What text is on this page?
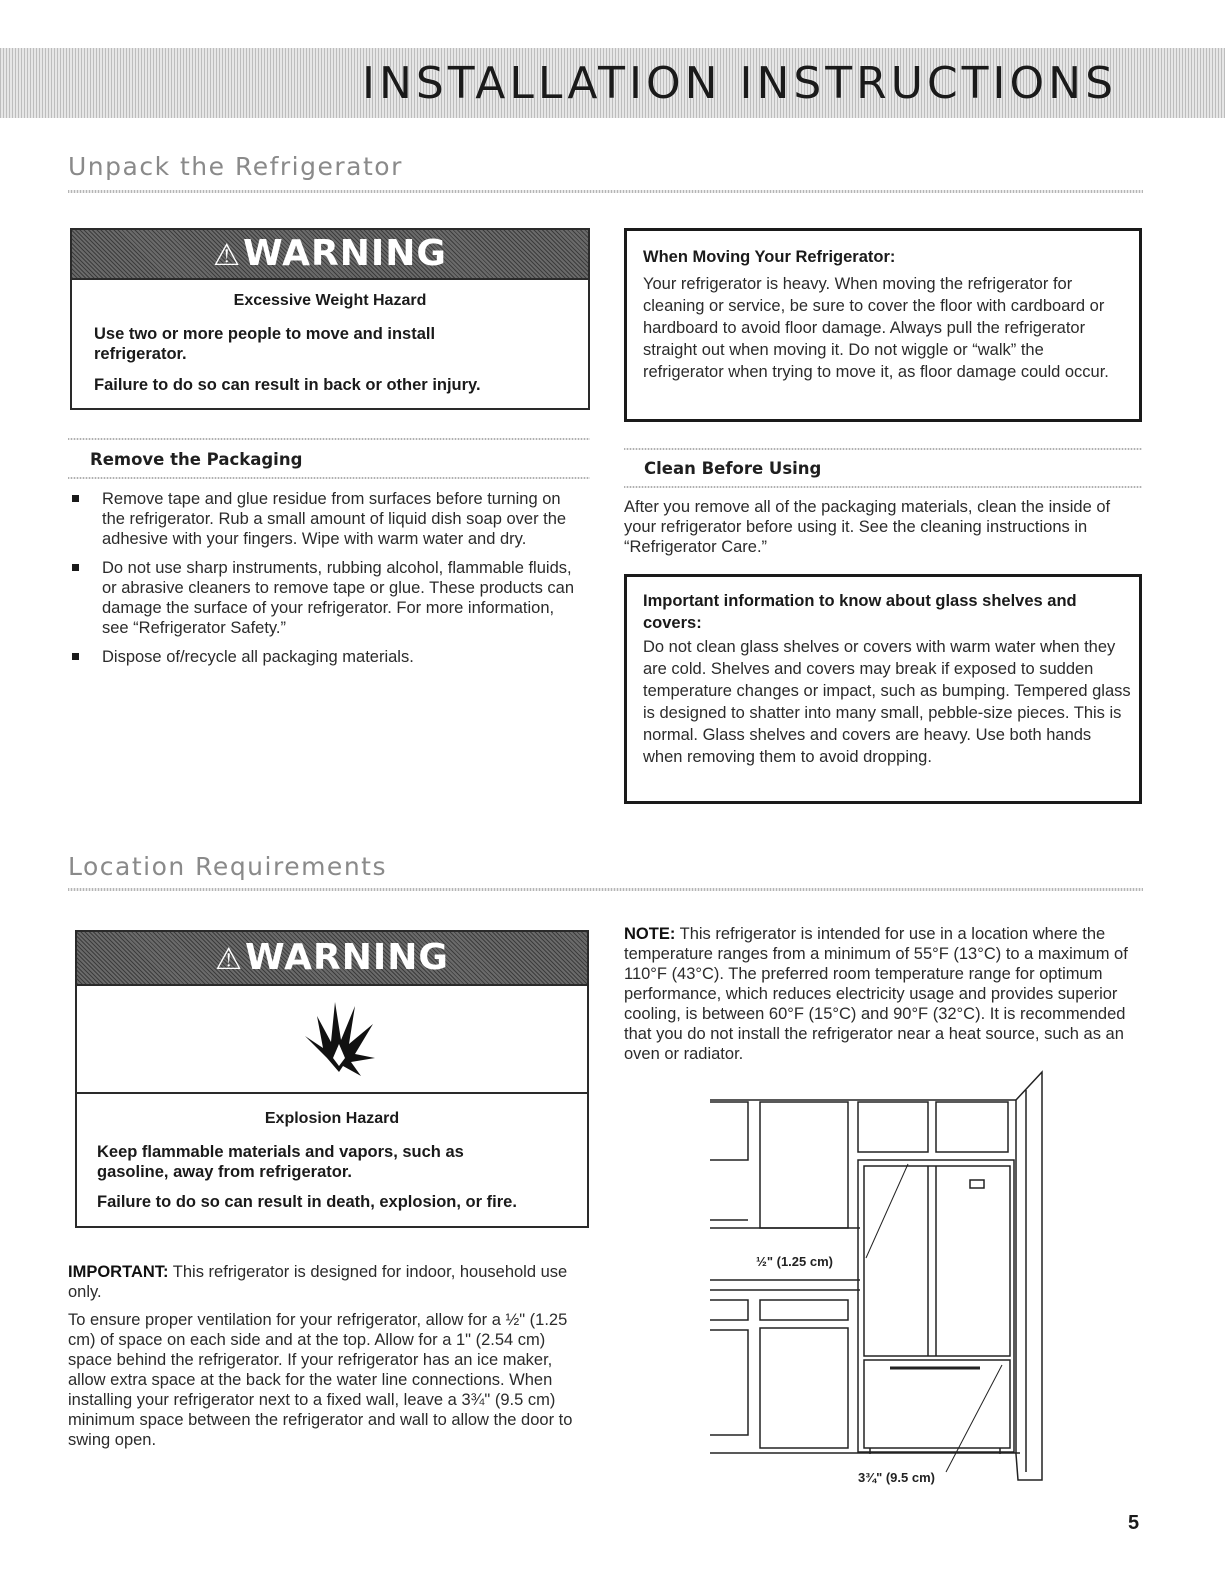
INSTALLATION INSTRUCTIONS
Unpack the Refrigerator
⚠WARNING
Excessive Weight Hazard
Use two or more people to move and install refrigerator.
Failure to do so can result in back or other injury.
When Moving Your Refrigerator:
Your refrigerator is heavy. When moving the refrigerator for cleaning or service, be sure to cover the floor with cardboard or hardboard to avoid floor damage. Always pull the refrigerator straight out when moving it. Do not wiggle or “walk” the refrigerator when trying to move it, as floor damage could occur.
Remove the Packaging
Remove tape and glue residue from surfaces before turning on the refrigerator. Rub a small amount of liquid dish soap over the adhesive with your fingers. Wipe with warm water and dry.
Do not use sharp instruments, rubbing alcohol, flammable fluids, or abrasive cleaners to remove tape or glue. These products can damage the surface of your refrigerator. For more information, see “Refrigerator Safety.”
Dispose of/recycle all packaging materials.
Clean Before Using
After you remove all of the packaging materials, clean the inside of your refrigerator before using it. See the cleaning instructions in “Refrigerator Care.”
Important information to know about glass shelves and covers:
Do not clean glass shelves or covers with warm water when they are cold. Shelves and covers may break if exposed to sudden temperature changes or impact, such as bumping. Tempered glass is designed to shatter into many small, pebble-size pieces. This is normal. Glass shelves and covers are heavy. Use both hands when removing them to avoid dropping.
Location Requirements
⚠WARNING
Explosion Hazard
Keep flammable materials and vapors, such as gasoline, away from refrigerator.
Failure to do so can result in death, explosion, or fire.

IMPORTANT: This refrigerator is designed for indoor, household use only.

To ensure proper ventilation for your refrigerator, allow for a ½" (1.25 cm) of space on each side and at the top. Allow for a 1" (2.54 cm) space behind the refrigerator. If your refrigerator has an ice maker, allow extra space at the back for the water line connections. When installing your refrigerator next to a fixed wall, leave a 3¾" (9.5 cm) minimum space between the refrigerator and wall to allow the door to swing open.

NOTE: This refrigerator is intended for use in a location where the temperature ranges from a minimum of 55°F (13°C) to a maximum of 110°F (43°C). The preferred room temperature range for optimum performance, which reduces electricity usage and provides superior cooling, is between 60°F (15°C) and 90°F (32°C). It is recommended that you do not install the refrigerator near a heat source, such as an oven or radiator.

½" (1.25 cm)
3¾" (9.5 cm)
5
